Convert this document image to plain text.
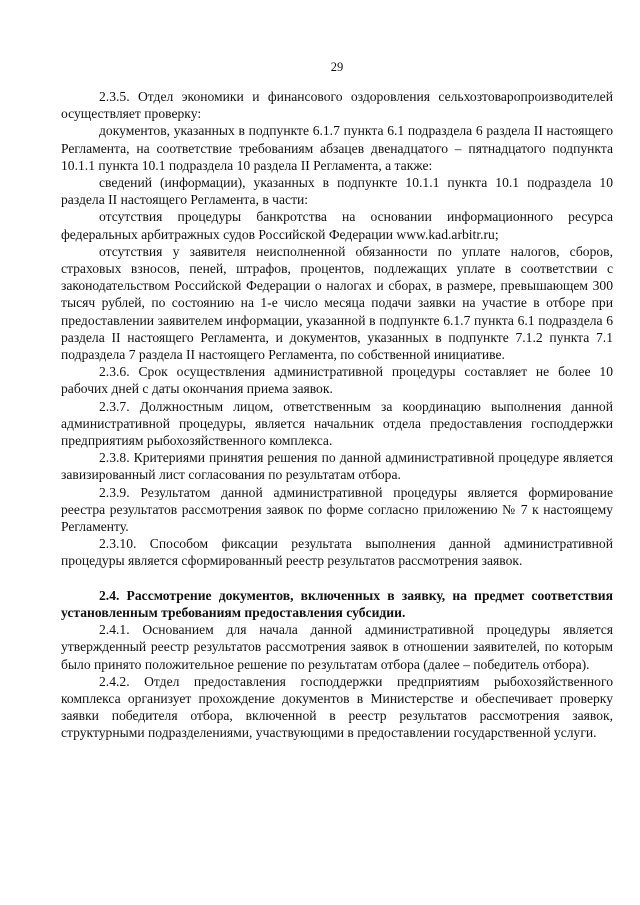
29

2.3.5. Отдел экономики и финансового оздоровления сельхозтоваропроизводителей осуществляет проверку:

документов, указанных в подпункте 6.1.7 пункта 6.1 подраздела 6 раздела II настоящего Регламента, на соответствие требованиям абзацев двенадцатого – пятнадцатого подпункта 10.1.1 пункта 10.1 подраздела 10 раздела II Регламента, а также:

сведений (информации), указанных в подпункте 10.1.1 пункта 10.1 подраздела 10 раздела II настоящего Регламента, в части:

отсутствия процедуры банкротства на основании информационного ресурса федеральных арбитражных судов Российской Федерации www.kad.arbitr.ru;

отсутствия у заявителя неисполненной обязанности по уплате налогов, сборов, страховых взносов, пеней, штрафов, процентов, подлежащих уплате в соответствии с законодательством Российской Федерации о налогах и сборах, в размере, превышающем 300 тысяч рублей, по состоянию на 1-е число месяца подачи заявки на участие в отборе при предоставлении заявителем информации, указанной в подпункте 6.1.7 пункта 6.1 подраздела 6 раздела II настоящего Регламента, и документов, указанных в подпункте 7.1.2 пункта 7.1 подраздела 7 раздела II настоящего Регламента, по собственной инициативе.

2.3.6. Срок осуществления административной процедуры составляет не более 10 рабочих дней с даты окончания приема заявок.

2.3.7. Должностным лицом, ответственным за координацию выполнения данной административной процедуры, является начальник отдела предоставления господдержки предприятиям рыбохозяйственного комплекса.

2.3.8. Критериями принятия решения по данной административной процедуре является завизированный лист согласования по результатам отбора.

2.3.9. Результатом данной административной процедуры является формирование реестра результатов рассмотрения заявок по форме согласно приложению № 7 к настоящему Регламенту.

2.3.10. Способом фиксации результата выполнения данной административной процедуры является сформированный реестр результатов рассмотрения заявок.

2.4. Рассмотрение документов, включенных в заявку, на предмет соответствия установленным требованиям предоставления субсидии.

2.4.1. Основанием для начала данной административной процедуры является утвержденный реестр результатов рассмотрения заявок в отношении заявителей, по которым было принято положительное решение по результатам отбора (далее – победитель отбора).

2.4.2. Отдел предоставления господдержки предприятиям рыбохозяйственного комплекса организует прохождение документов в Министерстве и обеспечивает проверку заявки победителя отбора, включенной в реестр результатов рассмотрения заявок, структурными подразделениями, участвующими в предоставлении государственной услуги.
